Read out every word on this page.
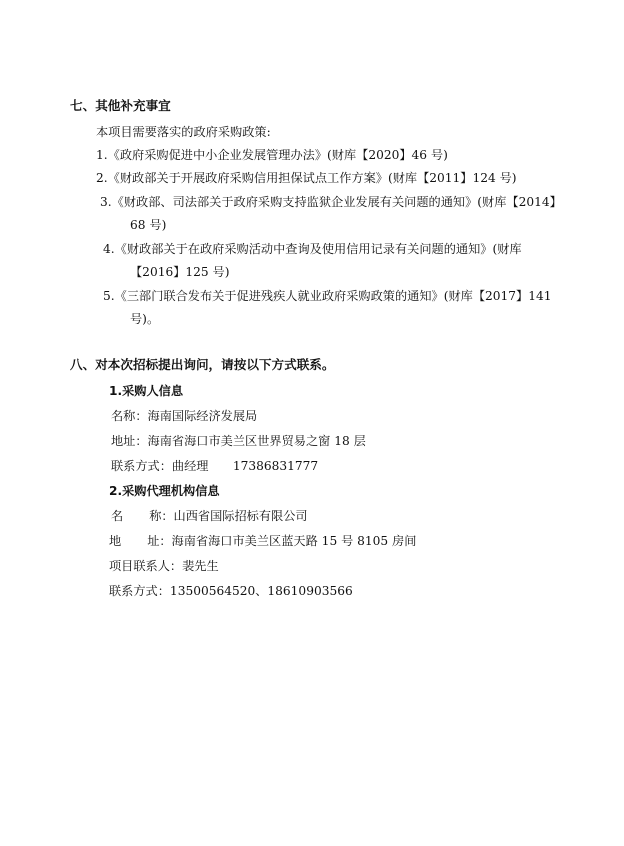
七、其他补充事宜
本项目需要落实的政府采购政策:
1.《政府采购促进中小企业发展管理办法》(财库【2020】46 号)
2.《财政部关于开展政府采购信用担保试点工作方案》(财库【2011】124 号)
3.《财政部、司法部关于政府采购支持监狱企业发展有关问题的通知》(财库【2014】
68 号)
4.《财政部关于在政府采购活动中查询及使用信用记录有关问题的通知》(财库
【2016】125 号)
5.《三部门联合发布关于促进残疾人就业政府采购政策的通知》(财库【2017】141
号)。
八、对本次招标提出询问，请按以下方式联系。
1.采购人信息
名称：海南国际经济发展局
地址：海南省海口市美兰区世界贸易之窗 18 层
联系方式：曲经理　　17386831777
2.采购代理机构信息
名 称：山西省国际招标有限公司
地 址：海南省海口市美兰区蓝天路 15 号 8105 房间
项目联系人：裴先生
联系方式：13500564520、18610903566
